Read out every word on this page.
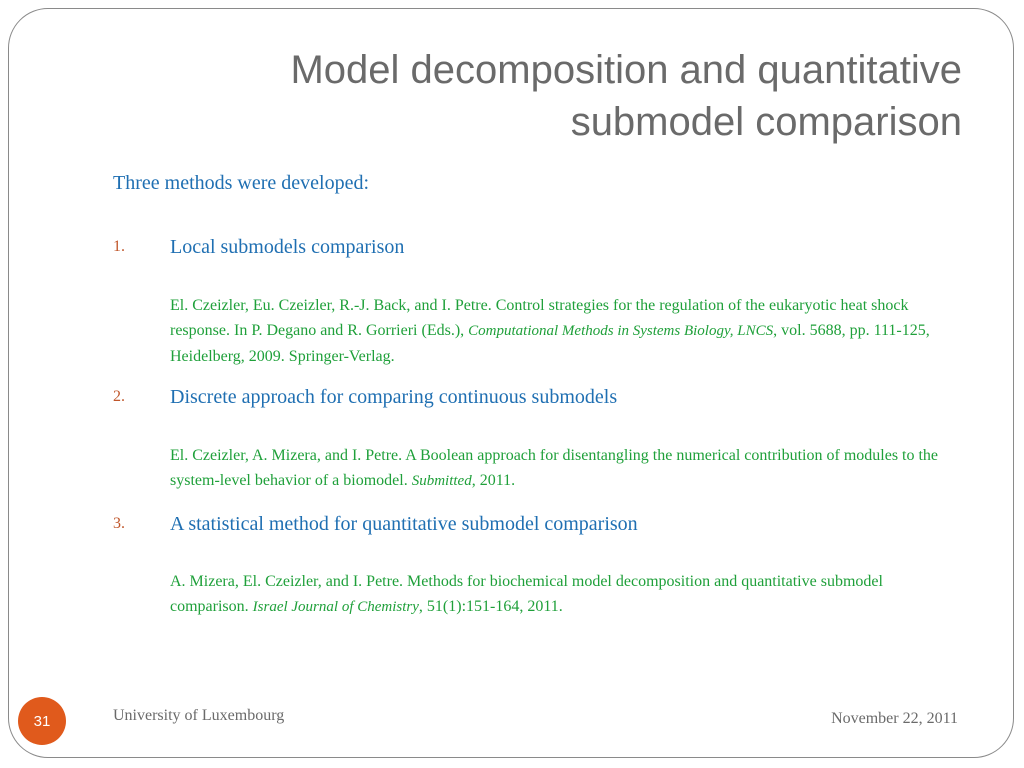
Model decomposition and quantitative
submodel comparison
Three methods were developed:
1. Local submodels comparison
El. Czeizler, Eu. Czeizler, R.-J. Back, and I. Petre. Control strategies for the regulation of the eukaryotic heat shock response. In P. Degano and R. Gorrieri (Eds.), Computational Methods in Systems Biology, LNCS, vol. 5688, pp. 111-125, Heidelberg, 2009. Springer-Verlag.
2. Discrete approach for comparing continuous submodels
El. Czeizler, A. Mizera, and I. Petre. A Boolean approach for disentangling the numerical contribution of modules to the system-level behavior of a biomodel. Submitted, 2011.
3. A statistical method for quantitative submodel comparison
A. Mizera, El. Czeizler, and I. Petre. Methods for biochemical model decomposition and quantitative submodel comparison. Israel Journal of Chemistry, 51(1):151-164, 2011.
31	University of Luxembourg	November 22, 2011
